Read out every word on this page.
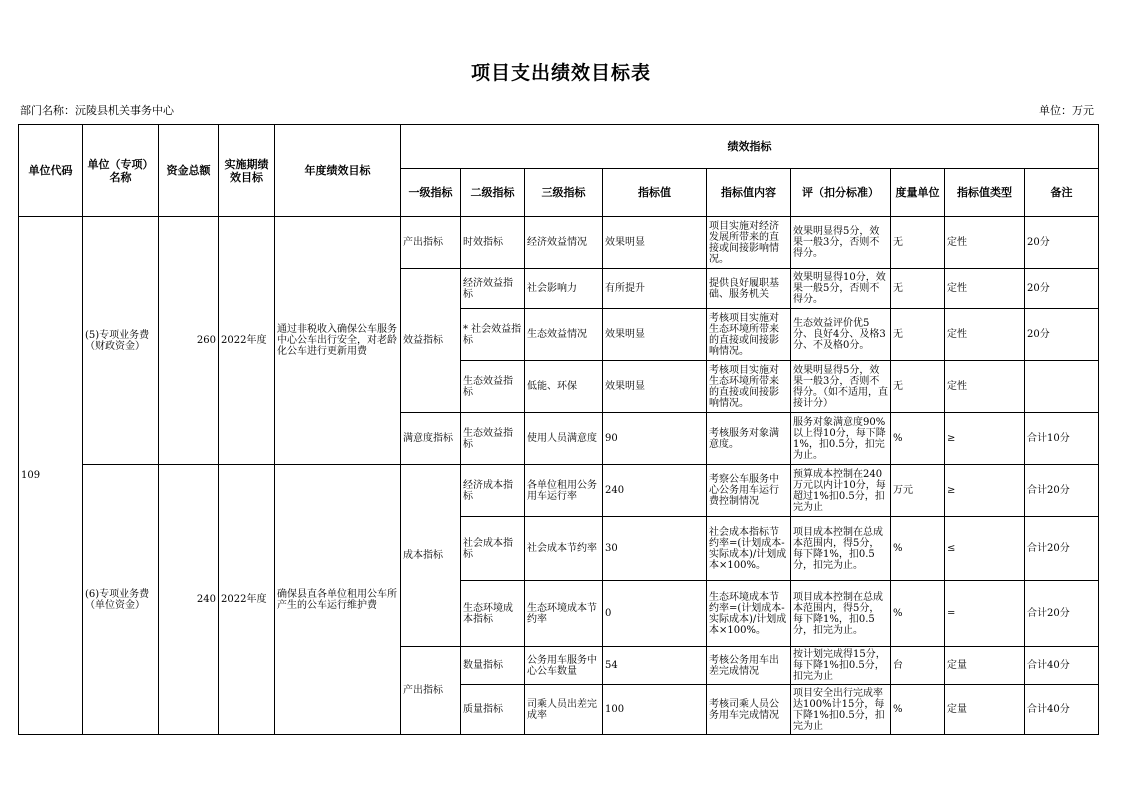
项目支出绩效目标表
部门名称：沅陵县机关事务中心	单位：万元
单位代码	单位（专项）名称	资金总额	实施期绩效目标	年度绩效目标	绩效指标								
					一级指标	二级指标	三级指标	指标值	指标值内容	评（扣分标准）	度量单位	指标值类型	备注
109	(5)专项业务费（财政资金）	260	2022年度	通过非税收入确保公车服务中心公车出行安全，对老龄化公车进行更新用费	产出指标	时效指标	经济效益情况	效果明显	项目实施对经济发展所带来的直接或间接影响情况。	效果明显得5分，效果一般3分，否则不得分。	无	定性	20分
					效益指标	经济效益指标	社会影响力	有所提升	提供良好履职基础、服务机关	效果明显得10分，效果一般5分，否则不得分。	无	定性	20分
						* 社会效益指标	生态效益情况	效果明显	考核项目实施对生态环境所带来的直接或间接影响情况。	生态效益评价优5分、良好4分、及格3分、不及格0分。	无	定性	20分
						生态效益指标	低能、环保	效果明显	考核项目实施对生态环境所带来的直接或间接影响情况。	效果明显得5分，效果一般3分，否则不得分。（如不适用，直接计分）	无	定性	
					满意度指标	生态效益指标	使用人员满意度	90	考核服务对象满意度。	服务对象满意度90%以上得10分，每下降1%，扣0.5分，扣完为止。	%	≥	合计10分
	(6)专项业务费（单位资金）	240	2022年度	确保县直各单位租用公车所产生的公车运行维护费	成本指标	经济成本指标	各单位租用公务用车运行率	240	考察公车服务中心公务用车运行费控制情况	预算成本控制在240万元以内计10分，每超过1%扣0.5分，扣完为止	万元	≥	合计20分
						社会成本指标	社会成本节约率	30	社会成本指标节约率=(计划成本-实际成本)/计划成本×100%。	项目成本控制在总成本范围内，得5分，每下降1%，扣0.5分，扣完为止。	%	≤	合计20分
						生态环境成本指标	生态环境成本节约率	0	生态环境成本节约率=(计划成本-实际成本)/计划成本×100%。	项目成本控制在总成本范围内，得5分，每下降1%，扣0.5分，扣完为止。	%	=	合计20分
					产出指标	数量指标	公务用车服务中心公车数量	54	考核公务用车出差完成情况	按计划完成得15分，每下降1%扣0.5分，扣完为止	台	定量	合计40分
						质量指标	司乘人员出差完成率	100	考核司乘人员公务用车完成情况	项目安全出行完成率达100%计15分，每下降1%扣0.5分，扣完为止	%	定量	合计40分
